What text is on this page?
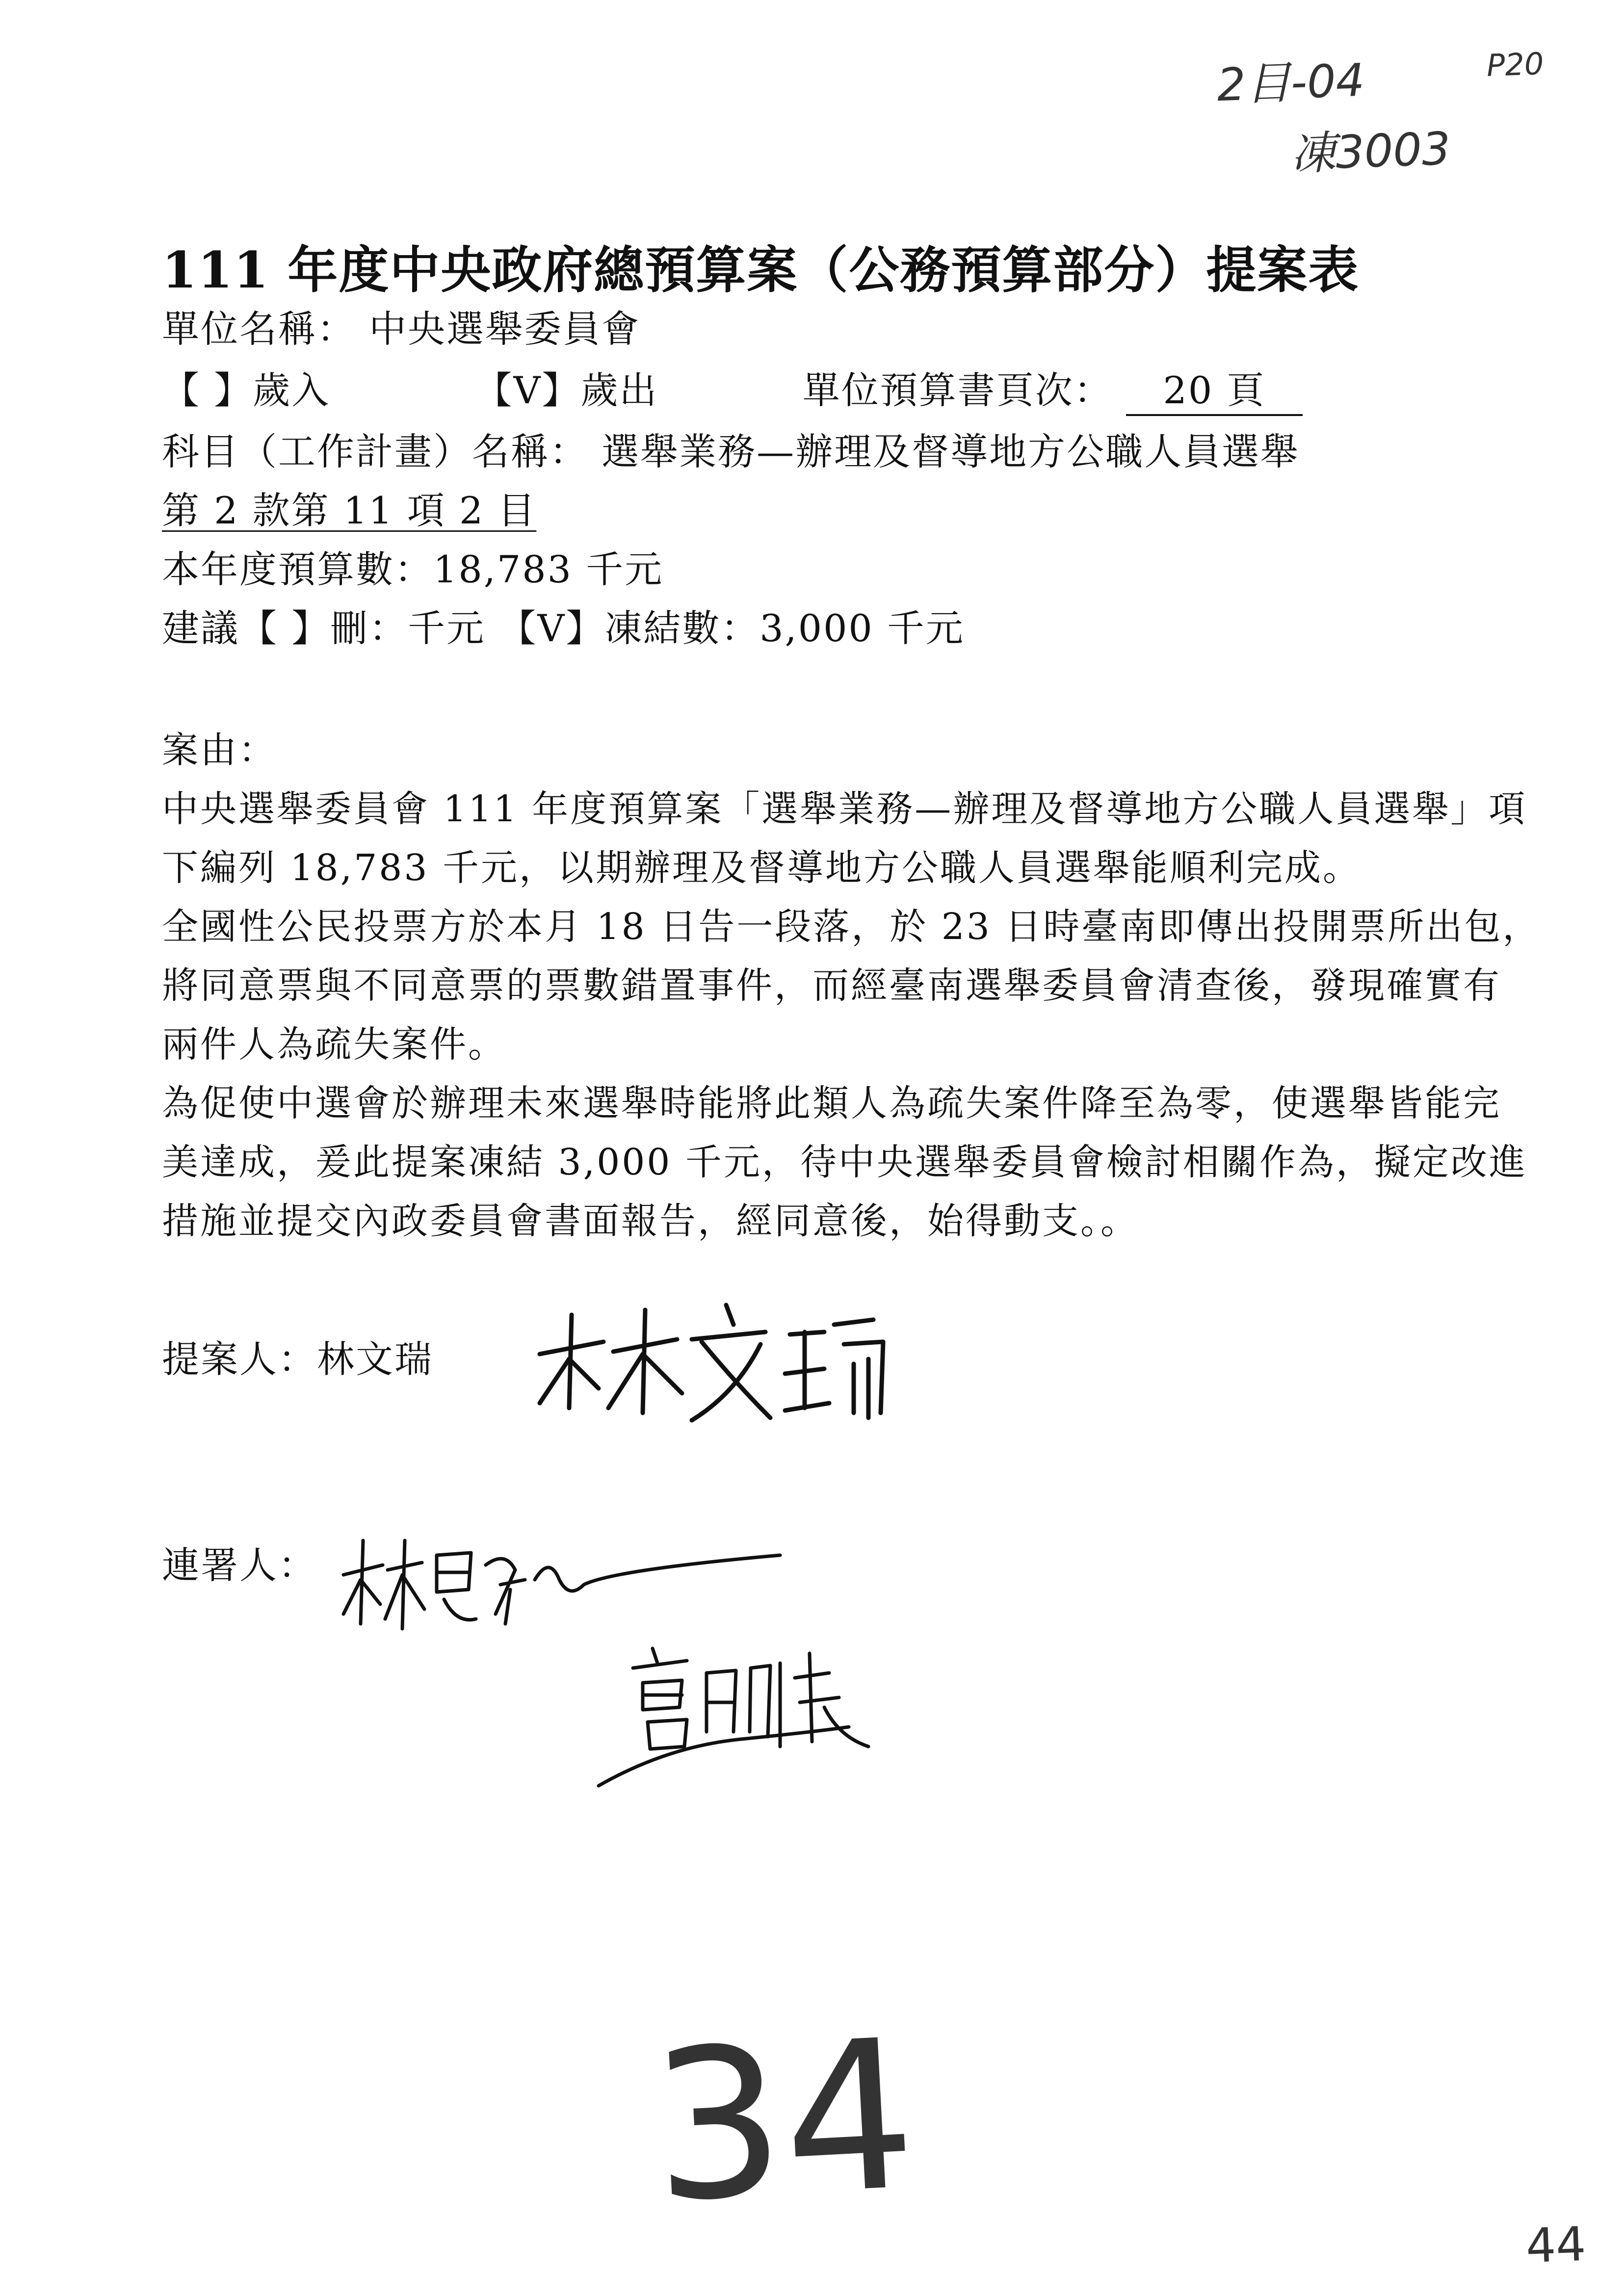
2目-04	P20
凍3003
111 年度中央政府總預算案（公務預算部分）提案表
單位名稱： 中央選舉委員會
【 】歲入	【V】歲出	單位預算書頁次： 20 頁
科目（工作計畫）名稱： 選舉業務—辦理及督導地方公職人員選舉
第 2 款第 11 項 2 目
本年度預算數：18,783 千元
建議【 】刪：千元 【V】凍結數：3,000 千元
案由：
中央選舉委員會 111 年度預算案「選舉業務—辦理及督導地方公職人員選舉」項
下編列 18,783 千元，以期辦理及督導地方公職人員選舉能順利完成。
全國性公民投票方於本月 18 日告一段落，於 23 日時臺南即傳出投開票所出包，
將同意票與不同意票的票數錯置事件，而經臺南選舉委員會清查後，發現確實有
兩件人為疏失案件。
為促使中選會於辦理未來選舉時能將此類人為疏失案件降至為零，使選舉皆能完
美達成，爰此提案凍結 3,000 千元，待中央選舉委員會檢討相關作為，擬定改進
措施並提交內政委員會書面報告，經同意後，始得動支。。
提案人：林文瑞
連署人：
34	44
